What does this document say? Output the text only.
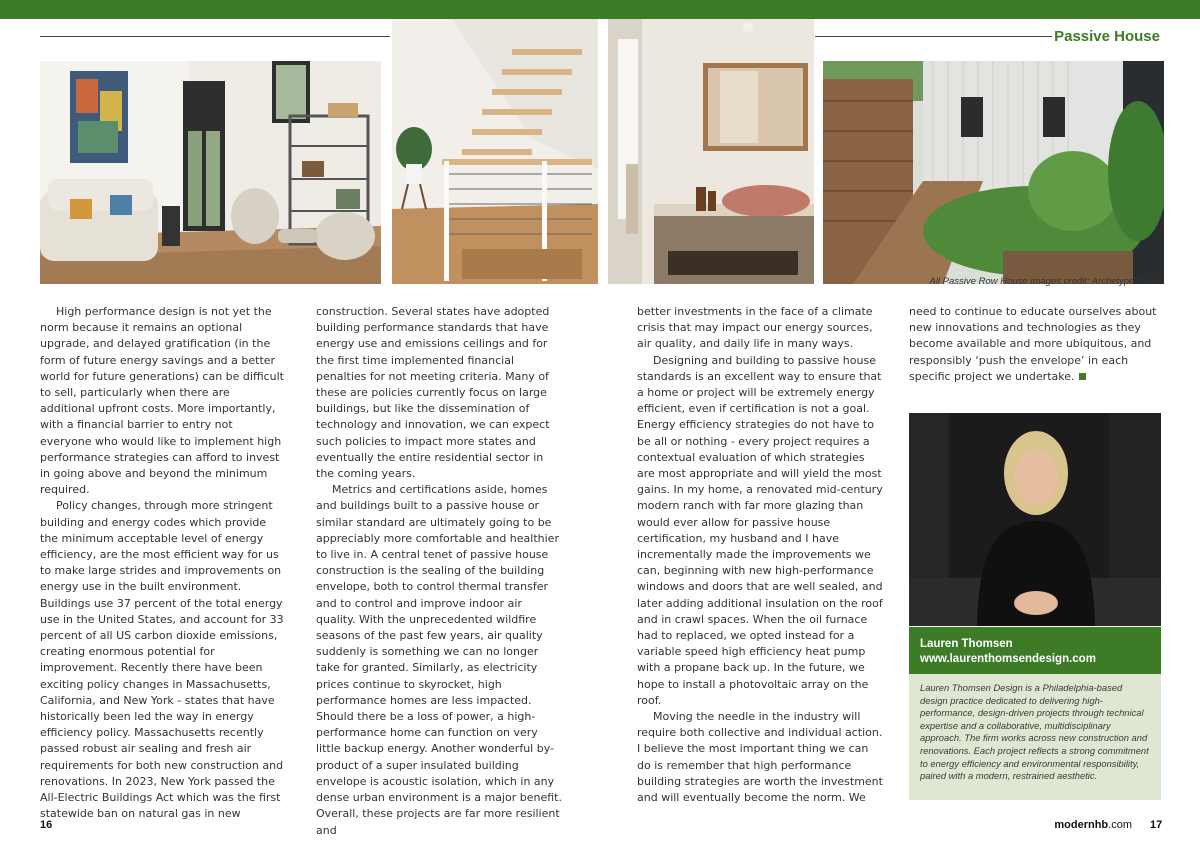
Passive House
All Passive Row House images credit: Archetype Photo

High performance design is not yet the norm because it remains an optional upgrade, and delayed gratification (in the form of future energy savings and a better world for future generations) can be difficult to sell, particularly when there are additional upfront costs. More importantly, with a financial barrier to entry not everyone who would like to implement high performance strategies can afford to invest in going above and beyond the minimum required.

Policy changes, through more stringent building and energy codes which provide the minimum acceptable level of energy efficiency, are the most efficient way for us to make large strides and improvements on energy use in the built environment. Buildings use 37 percent of the total energy use in the United States, and account for 33 percent of all US carbon dioxide emissions, creating enormous potential for improvement. Recently there have been exciting policy changes in Massachusetts, California, and New York - states that have historically been led the way in energy efficiency policy. Massachusetts recently passed robust air sealing and fresh air requirements for both new construction and renovations. In 2023, New York passed the All-Electric Buildings Act which was the first statewide ban on natural gas in new

construction. Several states have adopted building performance standards that have energy use and emissions ceilings and for the first time implemented financial penalties for not meeting criteria. Many of these are policies currently focus on large buildings, but like the dissemination of technology and innovation, we can expect such policies to impact more states and eventually the entire residential sector in the coming years.

Metrics and certifications aside, homes and buildings built to a passive house or similar standard are ultimately going to be appreciably more comfortable and healthier to live in. A central tenet of passive house construction is the sealing of the building envelope, both to control thermal transfer and to control and improve indoor air quality. With the unprecedented wildfire seasons of the past few years, air quality suddenly is something we can no longer take for granted. Similarly, as electricity prices continue to skyrocket, high performance homes are less impacted. Should there be a loss of power, a high-performance home can function on very little backup energy. Another wonderful by-product of a super insulated building envelope is acoustic isolation, which in any dense urban environment is a major benefit. Overall, these projects are far more resilient and

better investments in the face of a climate crisis that may impact our energy sources, air quality, and daily life in many ways.

Designing and building to passive house standards is an excellent way to ensure that a home or project will be extremely energy efficient, even if certification is not a goal. Energy efficiency strategies do not have to be all or nothing - every project requires a contextual evaluation of which strategies are most appropriate and will yield the most gains. In my home, a renovated mid-century modern ranch with far more glazing than would ever allow for passive house certification, my husband and I have incrementally made the improvements we can, beginning with new high-performance windows and doors that are well sealed, and later adding additional insulation on the roof and in crawl spaces. When the oil furnace had to replaced, we opted instead for a variable speed high efficiency heat pump with a propane back up. In the future, we hope to install a photovoltaic array on the roof.

Moving the needle in the industry will require both collective and individual action. I believe the most important thing we can do is remember that high performance building strategies are worth the investment and will eventually become the norm. We

need to continue to educate ourselves about new innovations and technologies as they become available and more ubiquitous, and responsibly ‘push the envelope’ in each specific project we undertake.

Lauren Thomsen
www.laurenthomsendesign.com
Lauren Thomsen Design is a Philadelphia-based design practice dedicated to delivering high-performance, design-driven projects through technical expertise and a collaborative, multidisciplinary approach. The firm works across new construction and renovations. Each project reflects a strong commitment to energy efficiency and environmental responsibility, paired with a modern, restrained aesthetic.
16	modernhb.com 17
